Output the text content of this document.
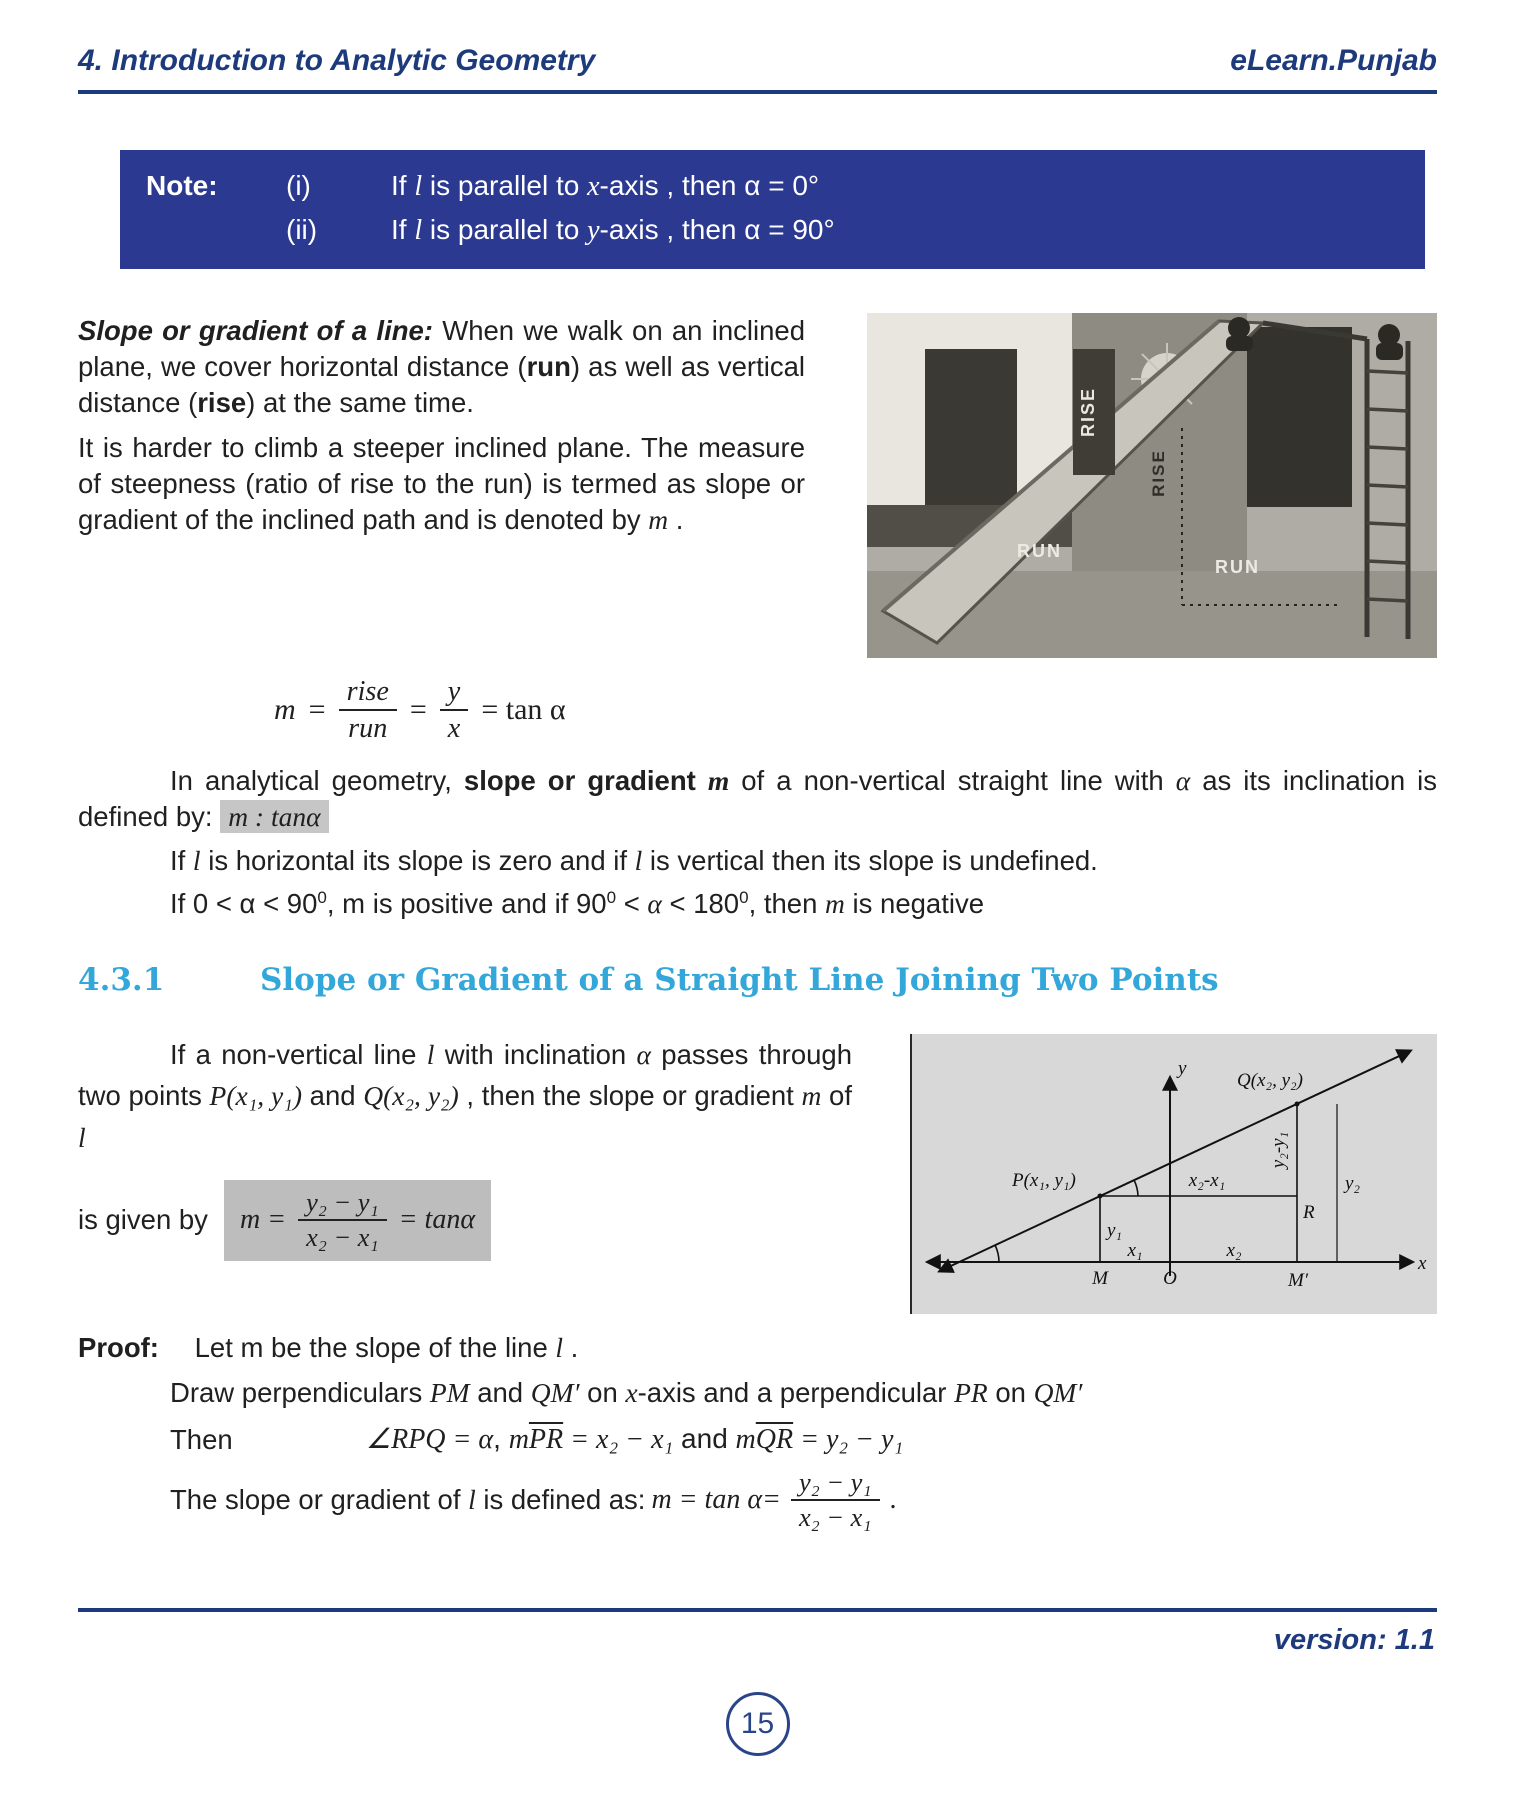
4. Introduction to Analytic Geometry	eLearn.Punjab
Note:	(i)	If l is parallel to x-axis , then α = 0°
(ii)	If l is parallel to y-axis , then α = 90°

Slope or gradient of a line: When we walk on an inclined plane, we cover horizontal distance (run) as well as vertical distance (rise) at the same time.

It is harder to climb a steeper inclined plane. The measure of steepness (ratio of rise to the run) is termed as slope or gradient of the inclined path and is denoted by m .

RISE
RISE
RUN
RUN
$m = \frac{\text{rise}}{\text{run}} = \frac{y}{x} = \tan \alpha$

In analytical geometry, slope or gradient m of a non-vertical straight line with α as its inclination is defined by: m : tanα

If l is horizontal its slope is zero and if l is vertical then its slope is undefined.

If $0 < \alpha < 90^0$, m is positive and if $90^0 < \alpha < 180^0$, then m is negative

4.3.1	Slope or Gradient of a Straight Line Joining Two Points

If a non-vertical line l with inclination α passes through two points P(x₁, y₁) and Q(x₂, y₂) , then the slope or gradient m of l

is given by $m = \frac{\text{y₂ − y₁}}{\text{x₂ − x₁}} = \tan\alpha$
y
x
Q(x₂, y₂)
P(x₁, y₁)
y₂-y₁
y₂
x₂-x₁
R
y₁
x₁	x₂
M	O	M′

Proof: Let m be the slope of the line l .

Draw perpendiculars PM and QM′ on x-axis and a perpendicular PR on QM′

Then	∠RPQ = α, $m\overline{PR} = x_2 - x_1$ and $m\overline{QR} = y_2 - y_1$

The slope or gradient of l is defined as: $m = \tan \alpha= \frac{\text{y₂ − y₁}}{\text{x₂ − x₁}}$ .

version: 1.1
15
